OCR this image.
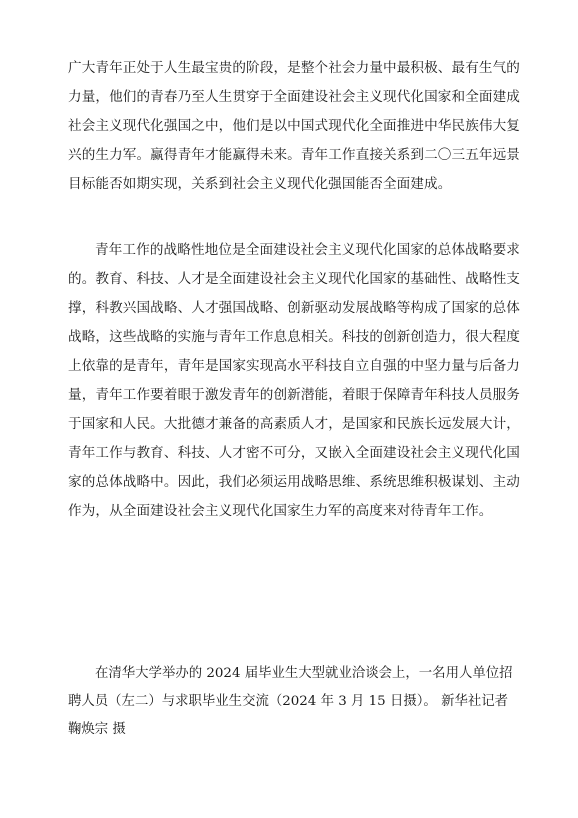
广大青年正处于人生最宝贵的阶段，是整个社会力量中最积极、最有生气的力量，他们的青春乃至人生贯穿于全面建设社会主义现代化国家和全面建成社会主义现代化强国之中，他们是以中国式现代化全面推进中华民族伟大复兴的生力军。赢得青年才能赢得未来。青年工作直接关系到二〇三五年远景目标能否如期实现，关系到社会主义现代化强国能否全面建成。

青年工作的战略性地位是全面建设社会主义现代化国家的总体战略要求的。教育、科技、人才是全面建设社会主义现代化国家的基础性、战略性支撑，科教兴国战略、人才强国战略、创新驱动发展战略等构成了国家的总体战略，这些战略的实施与青年工作息息相关。科技的创新创造力，很大程度上依靠的是青年，青年是国家实现高水平科技自立自强的中坚力量与后备力量，青年工作要着眼于激发青年的创新潜能，着眼于保障青年科技人员服务于国家和人民。大批德才兼备的高素质人才，是国家和民族长远发展大计，青年工作与教育、科技、人才密不可分，又嵌入全面建设社会主义现代化国家的总体战略中。因此，我们必须运用战略思维、系统思维积极谋划、主动作为，从全面建设社会主义现代化国家生力军的高度来对待青年工作。

在清华大学举办的 2024 届毕业生大型就业洽谈会上，一名用人单位招聘人员（左二）与求职毕业生交流（2024 年 3 月 15 日摄）。 新华社记者 鞠焕宗 摄
